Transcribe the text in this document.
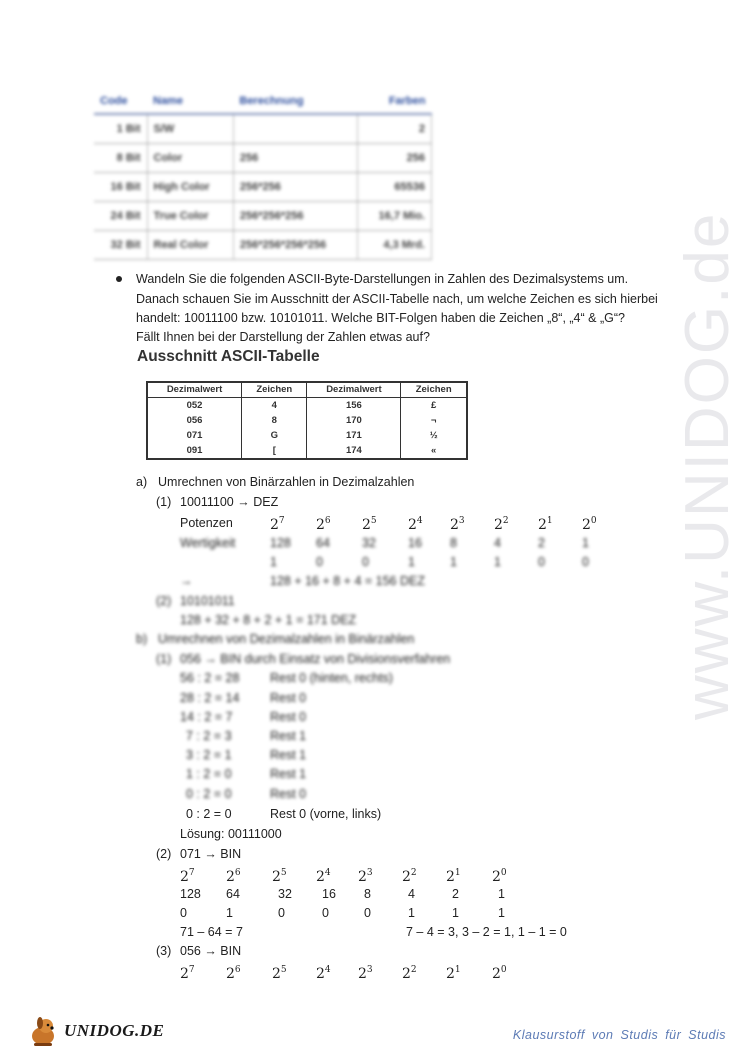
www.UNIDOG.de
Code	Name	Berechnung	Farben
1 Bit	S/W		2
8 Bit	Color	256	256
16 Bit	High Color	256*256	65536
24 Bit	True Color	256*256*256	16,7 Mio.
32 Bit	Real Color	256*256*256*256	4,3 Mrd.
Wandeln Sie die folgenden ASCII-Byte-Darstellungen in Zahlen des Dezimalsystems um.
Danach schauen Sie im Ausschnitt der ASCII-Tabelle nach, um welche Zeichen es sich hierbei
handelt: 10011100 bzw. 10101011. Welche BIT-Folgen haben die Zeichen „8“, „4“ & „G“?
Fällt Ihnen bei der Darstellung der Zahlen etwas auf?
Ausschnitt ASCII-Tabelle
Dezimalwert	Zeichen	Dezimalwert	Zeichen
052	4	156	£
056	8	170	¬
071	G	171	½
091	[	174	«
a) Umrechnen von Binärzahlen in Dezimalzahlen
(1) 10011100 → DEZ
Potenzen	$2^7$ $2^6$ $2^5$ $2^4$ $2^3$ $2^2$ $2^1$ $2^0$
Wertigkeit	128 64	32	16 8	4	2	1
1	0	0	1	1	1	0	0
→	128 + 16 + 8 + 4 = 156 DEZ
(2) 10101011
128 + 32 + 8 + 2 + 1 = 171 DEZ
b) Umrechnen von Dezimalzahlen in Binärzahlen
(1) 056 → BIN durch Einsatz von Divisionsverfahren
56 : 2 = 28 Rest 0 (hinten, rechts)
28 : 2 = 14 Rest 0
14 : 2 = 7	Rest 0
7 : 2 = 3	Rest 1
3 : 2 = 1	Rest 1
1 : 2 = 0	Rest 1
0 : 2 = 0	Rest 0
0 : 2 = 0	Rest 0 (vorne, links)
Lösung: 00111000
(2) 071 → BIN
$2^7$ $2^6$ $2^5$ $2^4$ $2^3$ $2^2$ $2^1$ $2^0$
128 64	32 16 8	4	2	1
0	1	0	0	0	1	1	1
71 – 64 = 7	7 – 4 = 3, 3 – 2 = 1, 1 – 1 = 0
(3) 056 → BIN
$2^7$ $2^6$ $2^5$ $2^4$ $2^3$ $2^2$ $2^1$ $2^0$
UNIDOG.DE	Klausurstoff von Studis für Studis
